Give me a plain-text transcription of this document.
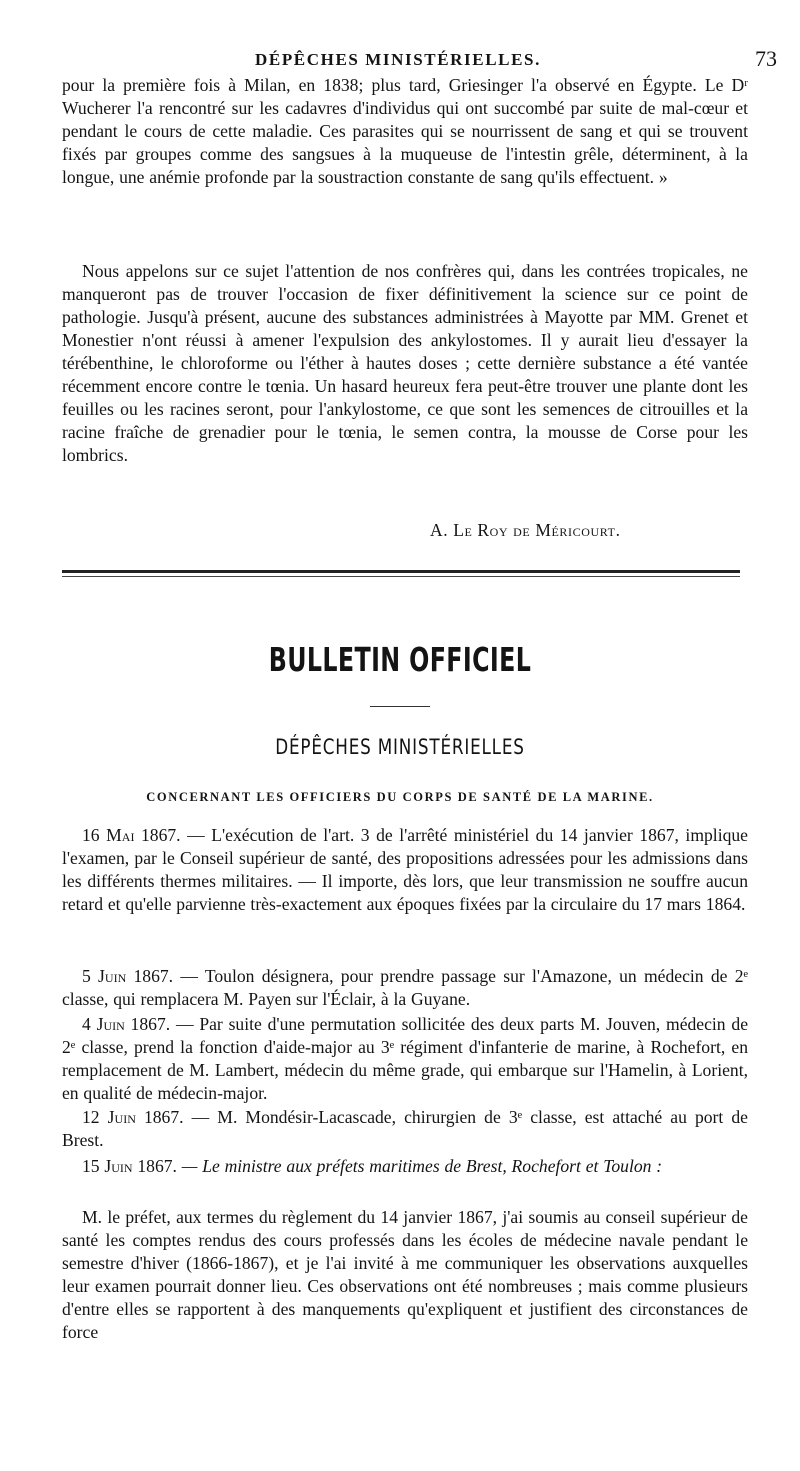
DÉPÊCHES MINISTÉRIELLES.	73

pour la première fois à Milan, en 1838; plus tard, Griesinger l'a observé en Égypte. Le Dʳ Wucherer l'a rencontré sur les cadavres d'individus qui ont succombé par suite de mal-cœur et pendant le cours de cette maladie. Ces parasites qui se nourrissent de sang et qui se trouvent fixés par groupes comme des sangsues à la muqueuse de l'intestin grêle, déterminent, à la longue, une anémie profonde par la soustraction constante de sang qu'ils effectuent. »

Nous appelons sur ce sujet l'attention de nos confrères qui, dans les contrées tropicales, ne manqueront pas de trouver l'occasion de fixer définitivement la science sur ce point de pathologie. Jusqu'à présent, aucune des substances administrées à Mayotte par MM. Grenet et Monestier n'ont réussi à amener l'expulsion des ankylostomes. Il y aurait lieu d'essayer la térébenthine, le chloroforme ou l'éther à hautes doses ; cette dernière substance a été vantée récemment encore contre le tœnia. Un hasard heureux fera peut-être trouver une plante dont les feuilles ou les racines seront, pour l'ankylostome, ce que sont les semences de citrouilles et la racine fraîche de grenadier pour le tœnia, le semen contra, la mousse de Corse pour les lombrics.

A. Le Roy de Méricourt.
BULLETIN OFFICIEL
DÉPÊCHES MINISTÉRIELLES
CONCERNANT LES OFFICIERS DU CORPS DE SANTÉ DE LA MARINE.

16 Mai 1867. — L'exécution de l'art. 3 de l'arrêté ministériel du 14 janvier 1867, implique l'examen, par le Conseil supérieur de santé, des propositions adressées pour les admissions dans les différents thermes militaires. — Il importe, dès lors, que leur transmission ne souffre aucun retard et qu'elle parvienne très-exactement aux époques fixées par la circulaire du 17 mars 1864.

5 Juin 1867. — Toulon désignera, pour prendre passage sur l'Amazone, un médecin de 2ᵉ classe, qui remplacera M. Payen sur l'Éclair, à la Guyane.

4 Juin 1867. — Par suite d'une permutation sollicitée des deux parts M. Jouven, médecin de 2ᵉ classe, prend la fonction d'aide-major au 3ᵉ régiment d'infanterie de marine, à Rochefort, en remplacement de M. Lambert, médecin du même grade, qui embarque sur l'Hamelin, à Lorient, en qualité de médecin-major.

12 Juin 1867. — M. Mondésir-Lacascade, chirurgien de 3ᵉ classe, est attaché au port de Brest.

15 Juin 1867. — Le ministre aux préfets maritimes de Brest, Rochefort et Toulon :

M. le préfet, aux termes du règlement du 14 janvier 1867, j'ai soumis au conseil supérieur de santé les comptes rendus des cours professés dans les écoles de médecine navale pendant le semestre d'hiver (1866-1867), et je l'ai invité à me communiquer les observations auxquelles leur examen pourrait donner lieu. Ces observations ont été nombreuses ; mais comme plusieurs d'entre elles se rapportent à des manquements qu'expliquent et justifient des circonstances de force
